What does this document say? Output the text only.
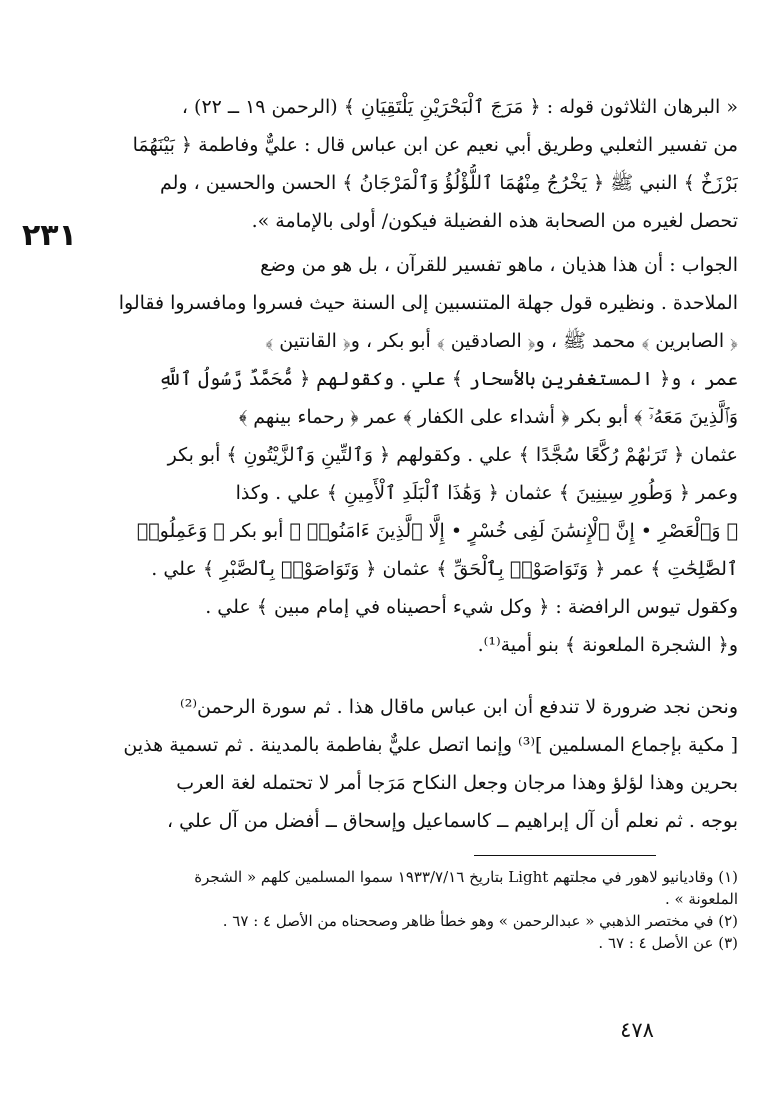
٢٣١
« البرهان الثلاثون قوله : ﴿ مَرَجَ ٱلْبَحْرَيْنِ يَلْتَقِيَانِ ﴾ (الرحمن ١٩ ــ ٢٢) ،
من تفسير الثعلبي وطريق أبي نعيم عن ابن عباس قال : عليٌّ وفاطمة ﴿ بَيْنَهُمَا
بَرْزَخٌ ﴾ النبي ﷺ ﴿ يَخْرُجُ مِنْهُمَا ٱللُّؤْلُؤُ وَٱلْمَرْجَانُ ﴾ الحسن والحسين ، ولم
تحصل لغيره من الصحابة هذه الفضيلة فيكون/ أولى بالإمامة ».
الجواب : أن هذا هذيان ، ماهو تفسير للقرآن ، بل هو من وضع
الملاحدة . ونظيره قول جهلة المتنسبين إلى السنة حيث فسروا ومافسروا فقالوا
﴿ الصابرين ﴾ محمد ﷺ ، و﴿ الصادقين ﴾ أبو بكر ، و﴿ القانتين ﴾
عمر ، و﴿ المستغفرين بالأسحار ﴾ علي . وكقولهم ﴿ مُّحَمَّدٌ رَّسُولُ ٱللَّهِ
وَٱلَّذِينَ مَعَهُۥٓ ﴾ أبو بكر ﴿ أشداء على الكفار ﴾ عمر ﴿ رحماء بينهم ﴾
عثمان ﴿ تَرَىٰهُمْ رُكَّعًا سُجَّدًا ﴾ علي . وكقولهم ﴿ وَٱلتِّينِ وَٱلزَّيْتُونِ ﴾ أبو بكر
وعمر ﴿ وَطُورِ سِينِينَ ﴾ عثمان ﴿ وَهَٰذَا ٱلْبَلَدِ ٱلْأَمِينِ ﴾ علي . وكذا
﴿ وَٱلْعَصْرِ • إِنَّ ٱلْإِنسَٰنَ لَفِى خُسْرٍ • إِلَّا ٱلَّذِينَ ءَامَنُوا۟ ﴾ أبو بكر ﴿ وَعَمِلُوا۟
ٱلصَّٰلِحَٰتِ ﴾ عمر ﴿ وَتَوَاصَوْا۟ بِٱلْحَقِّ ﴾ عثمان ﴿ وَتَوَاصَوْا۟ بِٱلصَّبْرِ ﴾ علي .
وكقول تيوس الرافضة : ﴿ وكل شيء أحصيناه في إمام مبين ﴾ علي .
و﴿ الشجرة الملعونة ﴾ بنو أمية⁽¹⁾.
ونحن نجد ضرورة لا تندفع أن ابن عباس ماقال هذا . ثم سورة الرحمن⁽²⁾
[ مكية بإجماع المسلمين ]⁽³⁾ وإنما اتصل عليٌّ بفاطمة بالمدينة . ثم تسمية هذين
بحرين وهذا لؤلؤ وهذا مرجان وجعل النكاح مَرَجا أمر لا تحتمله لغة العرب
بوجه . ثم نعلم أن آل إبراهيم ــ كاسماعيل وإسحاق ــ أفضل من آل علي ،
(١) وقاديانيو لاهور في مجلتهم Light بتاريخ ١٩٣٣/٧/١٦ سموا المسلمين كلهم « الشجرة
الملعونة » .
(٢) في مختصر الذهبي « عبدالرحمن » وهو خطأ ظاهر وصححناه من الأصل ٤ : ٦٧ .
(٣) عن الأصل ٤ : ٦٧ .
٤٧٨
